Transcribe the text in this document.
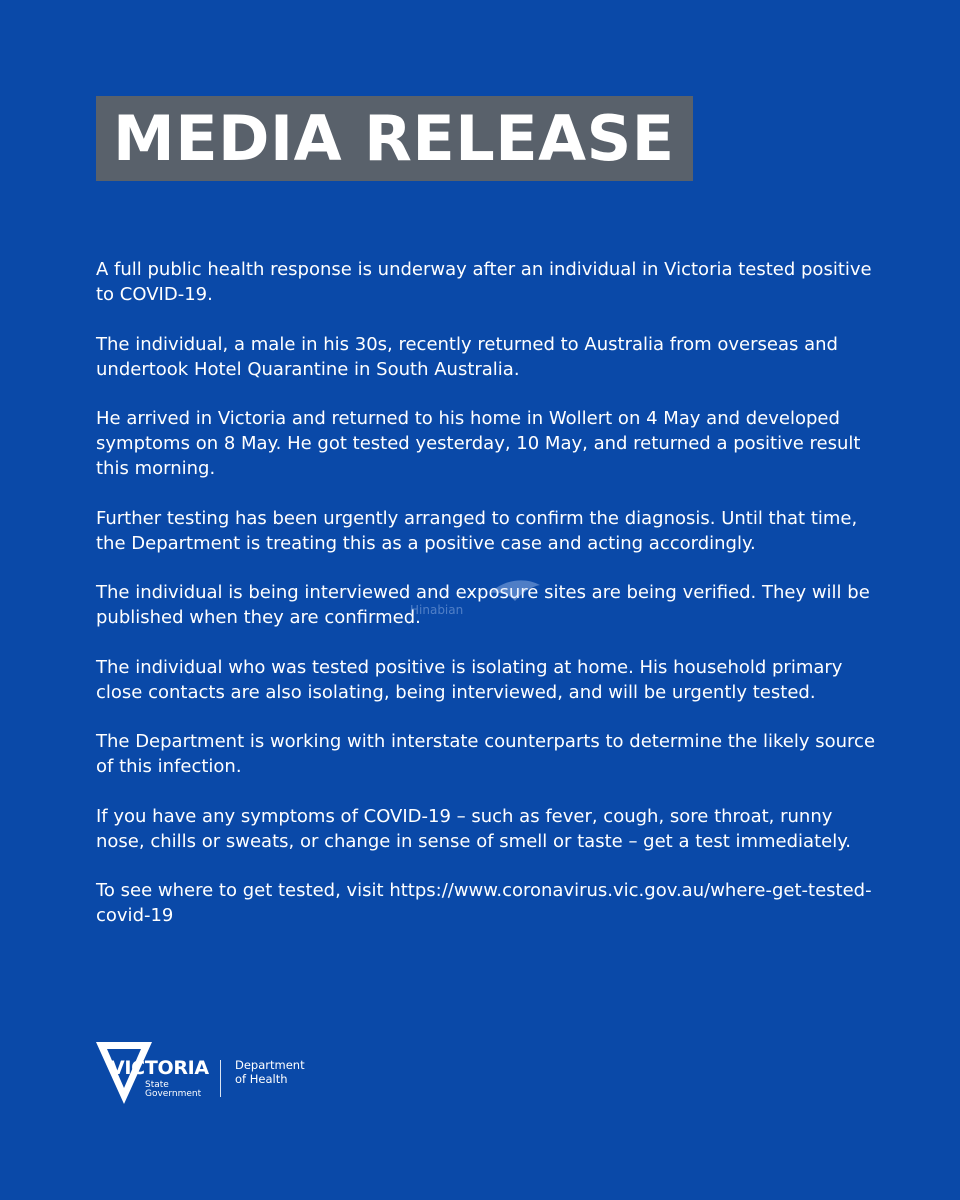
MEDIA RELEASE

A full public health response is underway after an individual in Victoria tested positive to COVID-19.

The individual, a male in his 30s, recently returned to Australia from overseas and undertook Hotel Quarantine in South Australia.

He arrived in Victoria and returned to his home in Wollert on 4 May and developed symptoms on 8 May. He got tested yesterday, 10 May, and returned a positive result this morning.

Further testing has been urgently arranged to confirm the diagnosis. Until that time, the Department is treating this as a positive case and acting accordingly.

The individual is being interviewed and exposure sites are being verified. They will be published when they are confirmed.

The individual who was tested positive is isolating at home. His household primary close contacts are also isolating, being interviewed, and will be urgently tested.

The Department is working with interstate counterparts to determine the likely source of this infection.

If you have any symptoms of COVID-19 – such as fever, cough, sore throat, runny nose, chills or sweats, or change in sense of smell or taste – get a test immediately.

To see where to get tested, visit https://www.coronavirus.vic.gov.au/where-get-tested-covid-19

Hinabian
VICTORIA
State
Government
Department
of Health
